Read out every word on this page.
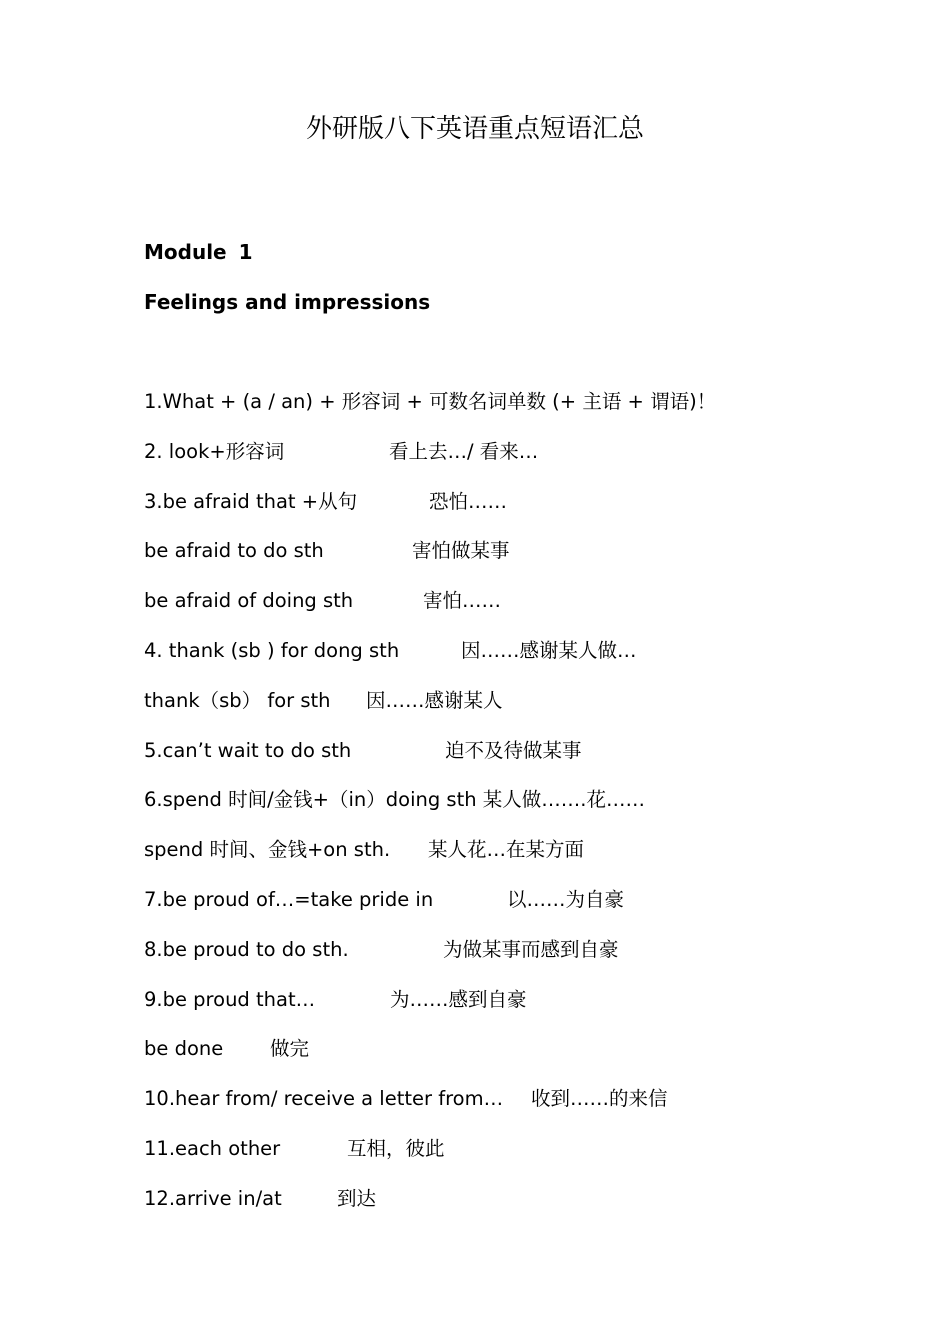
外研版八下英语重点短语汇总
Module 1
Feelings and impressions
1.What + (a / an) + 形容词 + 可数名词单数 (+ 主语 + 谓语)！
2. look+形容词	看上去…/ 看来…
3.be afraid that +从句	恐怕……
be afraid to do sth	害怕做某事
be afraid of doing sth	害怕……
4. thank (sb ) for dong sth	因……感谢某人做…
thank（sb） for sth 因……感谢某人
5.can’t wait to do sth	迫不及待做某事
6.spend 时间/金钱+（in）doing sth 某人做…….花……
spend 时间、金钱+on sth. 某人花…在某方面
7.be proud of…=take pride in	以……为自豪
8.be proud to do sth.	为做某事而感到自豪
9.be proud that…	为……感到自豪
be done 做完
10.hear from/ receive a letter from… 收到……的来信
11.each other	互相，彼此
12.arrive in/at	到达
